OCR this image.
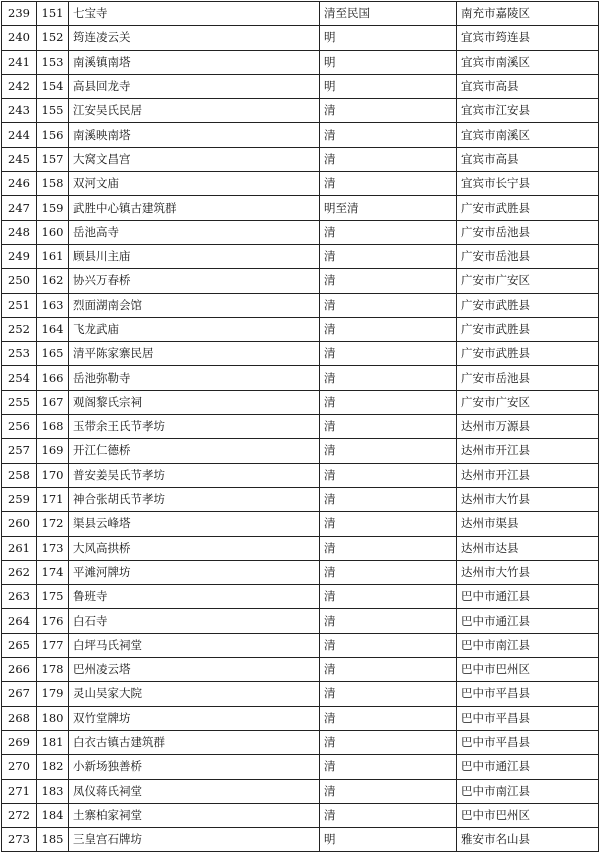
239	151	七宝寺	清至民国	南充市嘉陵区
240	152	筠连凌云关	明	宜宾市筠连县
241	153	南溪镇南塔	明	宜宾市南溪区
242	154	高县回龙寺	明	宜宾市高县
243	155	江安吴氏民居	清	宜宾市江安县
244	156	南溪映南塔	清	宜宾市南溪区
245	157	大窝文昌宫	清	宜宾市高县
246	158	双河文庙	清	宜宾市长宁县
247	159	武胜中心镇古建筑群	明至清	广安市武胜县
248	160	岳池高寺	清	广安市岳池县
249	161	顾县川主庙	清	广安市岳池县
250	162	协兴万春桥	清	广安市广安区
251	163	烈面湖南会馆	清	广安市武胜县
252	164	飞龙武庙	清	广安市武胜县
253	165	清平陈家寨民居	清	广安市武胜县
254	166	岳池弥勒寺	清	广安市岳池县
255	167	观阁黎氏宗祠	清	广安市广安区
256	168	玉带余王氏节孝坊	清	达州市万源县
257	169	开江仁德桥	清	达州市开江县
258	170	普安姜吴氏节孝坊	清	达州市开江县
259	171	神合张胡氏节孝坊	清	达州市大竹县
260	172	渠县云峰塔	清	达州市渠县
261	173	大风高拱桥	清	达州市达县
262	174	平滩河牌坊	清	达州市大竹县
263	175	鲁班寺	清	巴中市通江县
264	176	白石寺	清	巴中市通江县
265	177	白坪马氏祠堂	清	巴中市南江县
266	178	巴州凌云塔	清	巴中市巴州区
267	179	灵山吴家大院	清	巴中市平昌县
268	180	双竹堂牌坊	清	巴中市平昌县
269	181	白衣古镇古建筑群	清	巴中市平昌县
270	182	小新场独善桥	清	巴中市通江县
271	183	凤仪蒋氏祠堂	清	巴中市南江县
272	184	土寨柏家祠堂	清	巴中市巴州区
273	185	三皇宫石牌坊	明	雅安市名山县
